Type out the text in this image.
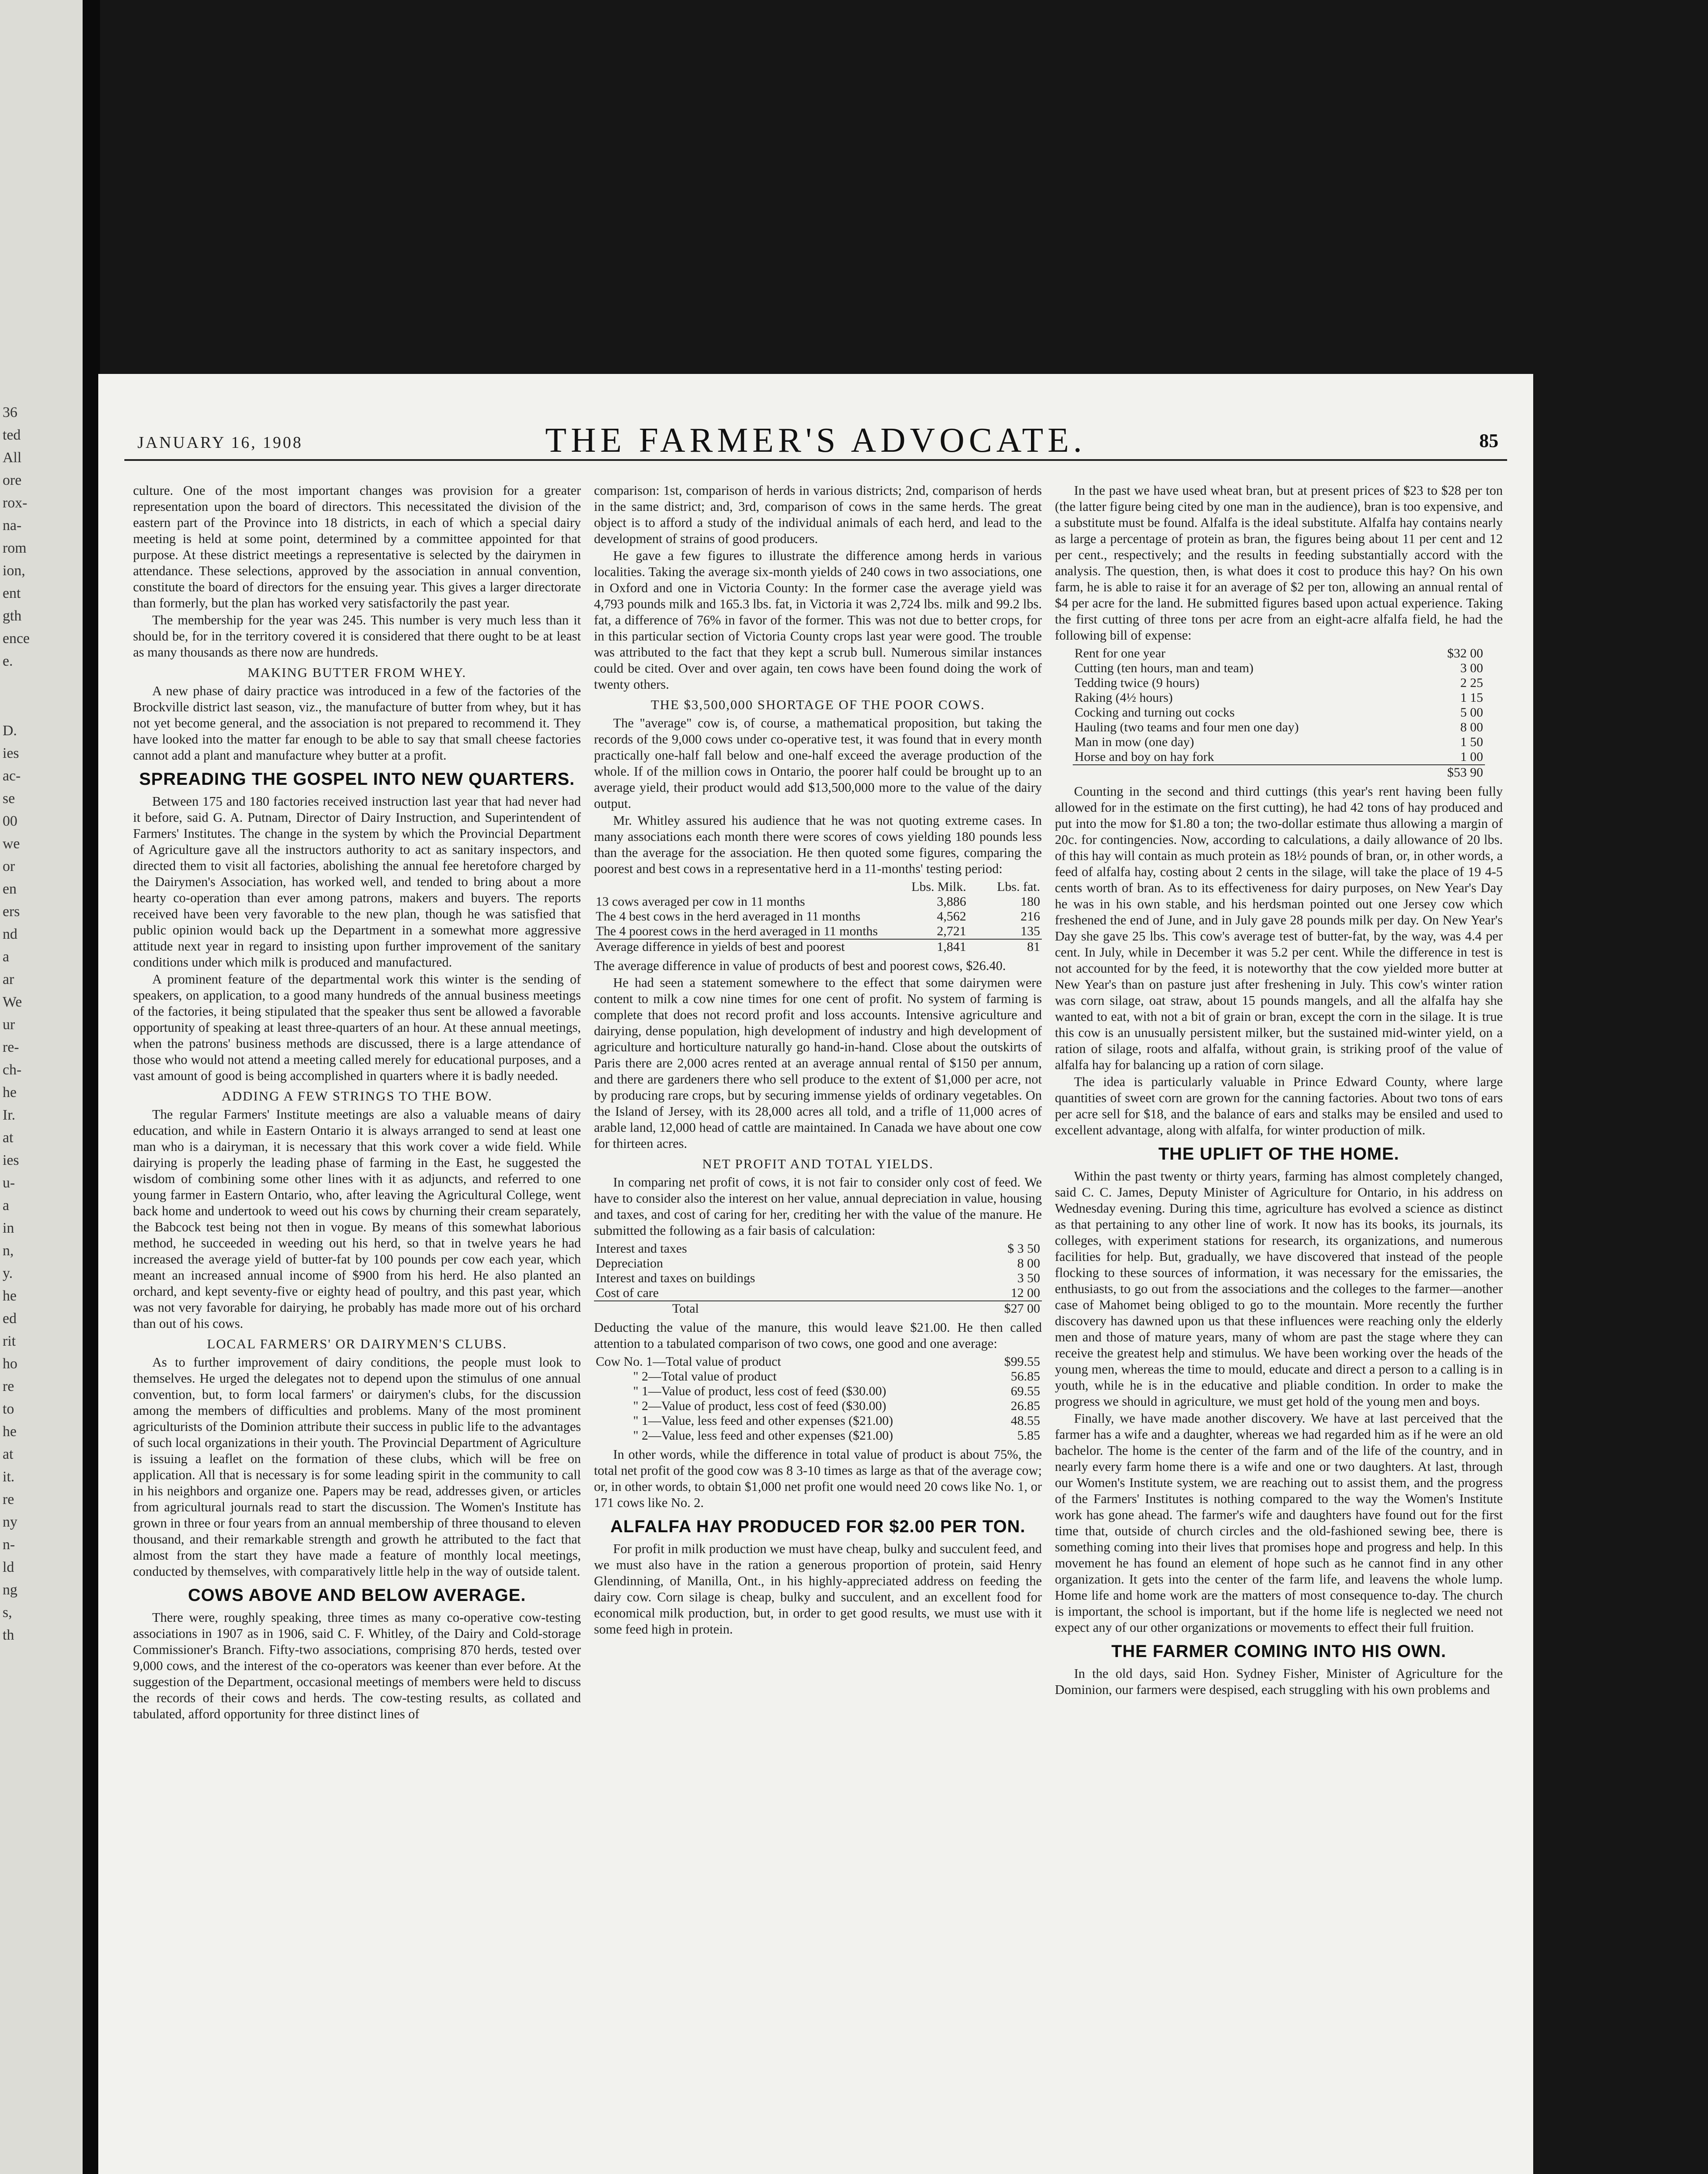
36
ted
All
ore
rox-
na-
rom
ion,
ent
gth
ence
e.
D.
ies
ac-
se
00
we
or
en
ers
nd
a
ar
We
ur
re-
ch-
he
Ir.
at
ies
u-
a
in
n,
y.
he
ed
rit
ho
re
to
he
at
it.
re
ny
n-
ld
ng
s,
th
JANUARY 16, 1908	THE FARMER'S ADVOCATE.	85

culture. One of the most important changes was provision for a greater representation upon the board of directors. This necessitated the division of the eastern part of the Province into 18 districts, in each of which a special dairy meeting is held at some point, determined by a committee appointed for that purpose. At these district meetings a representative is selected by the dairymen in attendance. These selections, approved by the association in annual convention, constitute the board of directors for the ensuing year. This gives a larger directorate than formerly, but the plan has worked very satisfactorily the past year.

The membership for the year was 245. This number is very much less than it should be, for in the territory covered it is considered that there ought to be at least as many thousands as there now are hundreds.

MAKING BUTTER FROM WHEY.

A new phase of dairy practice was introduced in a few of the factories of the Brockville district last season, viz., the manufacture of butter from whey, but it has not yet become general, and the association is not prepared to recommend it. They have looked into the matter far enough to be able to say that small cheese factories cannot add a plant and manufacture whey butter at a profit.

SPREADING THE GOSPEL INTO NEW QUARTERS.

Between 175 and 180 factories received instruction last year that had never had it before, said G. A. Putnam, Director of Dairy Instruction, and Superintendent of Farmers' Institutes. The change in the system by which the Provincial Department of Agriculture gave all the instructors authority to act as sanitary inspectors, and directed them to visit all factories, abolishing the annual fee heretofore charged by the Dairymen's Association, has worked well, and tended to bring about a more hearty co-operation than ever among patrons, makers and buyers. The reports received have been very favorable to the new plan, though he was satisfied that public opinion would back up the Department in a somewhat more aggressive attitude next year in regard to insisting upon further improvement of the sanitary conditions under which milk is produced and manufactured.

A prominent feature of the departmental work this winter is the sending of speakers, on application, to a good many hundreds of the annual business meetings of the factories, it being stipulated that the speaker thus sent be allowed a favorable opportunity of speaking at least three-quarters of an hour. At these annual meetings, when the patrons' business methods are discussed, there is a large attendance of those who would not attend a meeting called merely for educational purposes, and a vast amount of good is being accomplished in quarters where it is badly needed.

ADDING A FEW STRINGS TO THE BOW.

The regular Farmers' Institute meetings are also a valuable means of dairy education, and while in Eastern Ontario it is always arranged to send at least one man who is a dairyman, it is necessary that this work cover a wide field. While dairying is properly the leading phase of farming in the East, he suggested the wisdom of combining some other lines with it as adjuncts, and referred to one young farmer in Eastern Ontario, who, after leaving the Agricultural College, went back home and undertook to weed out his cows by churning their cream separately, the Babcock test being not then in vogue. By means of this somewhat laborious method, he succeeded in weeding out his herd, so that in twelve years he had increased the average yield of butter-fat by 100 pounds per cow each year, which meant an increased annual income of $900 from his herd. He also planted an orchard, and kept seventy-five or eighty head of poultry, and this past year, which was not very favorable for dairying, he probably has made more out of his orchard than out of his cows.

LOCAL FARMERS' OR DAIRYMEN'S CLUBS.

As to further improvement of dairy conditions, the people must look to themselves. He urged the delegates not to depend upon the stimulus of one annual convention, but, to form local farmers' or dairymen's clubs, for the discussion among the members of difficulties and problems. Many of the most prominent agriculturists of the Dominion attribute their success in public life to the advantages of such local organizations in their youth. The Provincial Department of Agriculture is issuing a leaflet on the formation of these clubs, which will be free on application. All that is necessary is for some leading spirit in the community to call in his neighbors and organize one. Papers may be read, addresses given, or articles from agricultural journals read to start the discussion. The Women's Institute has grown in three or four years from an annual membership of three thousand to eleven thousand, and their remarkable strength and growth he attributed to the fact that almost from the start they have made a feature of monthly local meetings, conducted by themselves, with comparatively little help in the way of outside talent.

COWS ABOVE AND BELOW AVERAGE.

There were, roughly speaking, three times as many co-operative cow-testing associations in 1907 as in 1906, said C. F. Whitley, of the Dairy and Cold-storage Commissioner's Branch. Fifty-two associations, comprising 870 herds, tested over 9,000 cows, and the interest of the co-operators was keener than ever before. At the suggestion of the Department, occasional meetings of members were held to discuss the records of their cows and herds. The cow-testing results, as collated and tabulated, afford opportunity for three distinct lines of

comparison: 1st, comparison of herds in various districts; 2nd, comparison of herds in the same district; and, 3rd, comparison of cows in the same herds. The great object is to afford a study of the individual animals of each herd, and lead to the development of strains of good producers.

He gave a few figures to illustrate the difference among herds in various localities. Taking the average six-month yields of 240 cows in two associations, one in Oxford and one in Victoria County: In the former case the average yield was 4,793 pounds milk and 165.3 lbs. fat, in Victoria it was 2,724 lbs. milk and 99.2 lbs. fat, a difference of 76% in favor of the former. This was not due to better crops, for in this particular section of Victoria County crops last year were good. The trouble was attributed to the fact that they kept a scrub bull. Numerous similar instances could be cited. Over and over again, ten cows have been found doing the work of twenty others.

THE $3,500,000 SHORTAGE OF THE POOR COWS.

The "average" cow is, of course, a mathematical proposition, but taking the records of the 9,000 cows under co-operative test, it was found that in every month practically one-half fall below and one-half exceed the average production of the whole. If of the million cows in Ontario, the poorer half could be brought up to an average yield, their product would add $13,500,000 more to the value of the dairy output.

Mr. Whitley assured his audience that he was not quoting extreme cases. In many associations each month there were scores of cows yielding 180 pounds less than the average for the association. He then quoted some figures, comparing the poorest and best cows in a representative herd in a 11-months' testing period:

	Lbs. Milk.	Lbs. fat.
13 cows averaged per cow in 11 months	3,886	180
The 4 best cows in the herd averaged in 11 months	4,562	216
The 4 poorest cows in the herd averaged in 11 months	2,721	135
Average difference in yields of best and poorest	1,841	81

The average difference in value of products of best and poorest cows, $26.40.

He had seen a statement somewhere to the effect that some dairymen were content to milk a cow nine times for one cent of profit. No system of farming is complete that does not record profit and loss accounts. Intensive agriculture and dairying, dense population, high development of industry and high development of agriculture and horticulture naturally go hand-in-hand. Close about the outskirts of Paris there are 2,000 acres rented at an average annual rental of $150 per annum, and there are gardeners there who sell produce to the extent of $1,000 per acre, not by producing rare crops, but by securing immense yields of ordinary vegetables. On the Island of Jersey, with its 28,000 acres all told, and a trifle of 11,000 acres of arable land, 12,000 head of cattle are maintained. In Canada we have about one cow for thirteen acres.

NET PROFIT AND TOTAL YIELDS.

In comparing net profit of cows, it is not fair to consider only cost of feed. We have to consider also the interest on her value, annual depreciation in value, housing and taxes, and cost of caring for her, crediting her with the value of the manure. He submitted the following as a fair basis of calculation:

Interest and taxes	$ 3 50
Depreciation	8 00
Interest and taxes on buildings	3 50
Cost of care	12 00
Total	$27 00

Deducting the value of the manure, this would leave $21.00. He then called attention to a tabulated comparison of two cows, one good and one average:

Cow No. 1—Total value of product	$99.55
" 2—Total value of product	56.85
" 1—Value of product, less cost of feed ($30.00)	69.55
" 2—Value of product, less cost of feed ($30.00)	26.85
" 1—Value, less feed and other expenses ($21.00)	48.55
" 2—Value, less feed and other expenses ($21.00)	5.85

In other words, while the difference in total value of product is about 75%, the total net profit of the good cow was 8 3-10 times as large as that of the average cow; or, in other words, to obtain $1,000 net profit one would need 20 cows like No. 1, or 171 cows like No. 2.

ALFALFA HAY PRODUCED FOR $2.00 PER TON.

For profit in milk production we must have cheap, bulky and succulent feed, and we must also have in the ration a generous proportion of protein, said Henry Glendinning, of Manilla, Ont., in his highly-appreciated address on feeding the dairy cow. Corn silage is cheap, bulky and succulent, and an excellent food for economical milk production, but, in order to get good results, we must use with it some feed high in protein.

In the past we have used wheat bran, but at present prices of $23 to $28 per ton (the latter figure being cited by one man in the audience), bran is too expensive, and a substitute must be found. Alfalfa is the ideal substitute. Alfalfa hay contains nearly as large a percentage of protein as bran, the figures being about 11 per cent and 12 per cent., respectively; and the results in feeding substantially accord with the analysis. The question, then, is what does it cost to produce this hay? On his own farm, he is able to raise it for an average of $2 per ton, allowing an annual rental of $4 per acre for the land. He submitted figures based upon actual experience. Taking the first cutting of three tons per acre from an eight-acre alfalfa field, he had the following bill of expense:

Rent for one year	$32 00
Cutting (ten hours, man and team)	3 00
Tedding twice (9 hours)	2 25
Raking (4½ hours)	1 15
Cocking and turning out cocks	5 00
Hauling (two teams and four men one day)	8 00
Man in mow (one day)	1 50
Horse and boy on hay fork	1 00
	$53 90

Counting in the second and third cuttings (this year's rent having been fully allowed for in the estimate on the first cutting), he had 42 tons of hay produced and put into the mow for $1.80 a ton; the two-dollar estimate thus allowing a margin of 20c. for contingencies. Now, according to calculations, a daily allowance of 20 lbs. of this hay will contain as much protein as 18½ pounds of bran, or, in other words, a feed of alfalfa hay, costing about 2 cents in the silage, will take the place of 19 4-5 cents worth of bran. As to its effectiveness for dairy purposes, on New Year's Day he was in his own stable, and his herdsman pointed out one Jersey cow which freshened the end of June, and in July gave 28 pounds milk per day. On New Year's Day she gave 25 lbs. This cow's average test of butter-fat, by the way, was 4.4 per cent. In July, while in December it was 5.2 per cent. While the difference in test is not accounted for by the feed, it is noteworthy that the cow yielded more butter at New Year's than on pasture just after freshening in July. This cow's winter ration was corn silage, oat straw, about 15 pounds mangels, and all the alfalfa hay she wanted to eat, with not a bit of grain or bran, except the corn in the silage. It is true this cow is an unusually persistent milker, but the sustained mid-winter yield, on a ration of silage, roots and alfalfa, without grain, is striking proof of the value of alfalfa hay for balancing up a ration of corn silage.

The idea is particularly valuable in Prince Edward County, where large quantities of sweet corn are grown for the canning factories. About two tons of ears per acre sell for $18, and the balance of ears and stalks may be ensiled and used to excellent advantage, along with alfalfa, for winter production of milk.

THE UPLIFT OF THE HOME.

Within the past twenty or thirty years, farming has almost completely changed, said C. C. James, Deputy Minister of Agriculture for Ontario, in his address on Wednesday evening. During this time, agriculture has evolved a science as distinct as that pertaining to any other line of work. It now has its books, its journals, its colleges, with experiment stations for research, its organizations, and numerous facilities for help. But, gradually, we have discovered that instead of the people flocking to these sources of information, it was necessary for the emissaries, the enthusiasts, to go out from the associations and the colleges to the farmer—another case of Mahomet being obliged to go to the mountain. More recently the further discovery has dawned upon us that these influences were reaching only the elderly men and those of mature years, many of whom are past the stage where they can receive the greatest help and stimulus. We have been working over the heads of the young men, whereas the time to mould, educate and direct a person to a calling is in youth, while he is in the educative and pliable condition. In order to make the progress we should in agriculture, we must get hold of the young men and boys.

Finally, we have made another discovery. We have at last perceived that the farmer has a wife and a daughter, whereas we had regarded him as if he were an old bachelor. The home is the center of the farm and of the life of the country, and in nearly every farm home there is a wife and one or two daughters. At last, through our Women's Institute system, we are reaching out to assist them, and the progress of the Farmers' Institutes is nothing compared to the way the Women's Institute work has gone ahead. The farmer's wife and daughters have found out for the first time that, outside of church circles and the old-fashioned sewing bee, there is something coming into their lives that promises hope and progress and help. In this movement he has found an element of hope such as he cannot find in any other organization. It gets into the center of the farm life, and leavens the whole lump. Home life and home work are the matters of most consequence to-day. The church is important, the school is important, but if the home life is neglected we need not expect any of our other organizations or movements to effect their full fruition.

THE FARMER COMING INTO HIS OWN.

In the old days, said Hon. Sydney Fisher, Minister of Agriculture for the Dominion, our farmers were despised, each struggling with his own problems and
